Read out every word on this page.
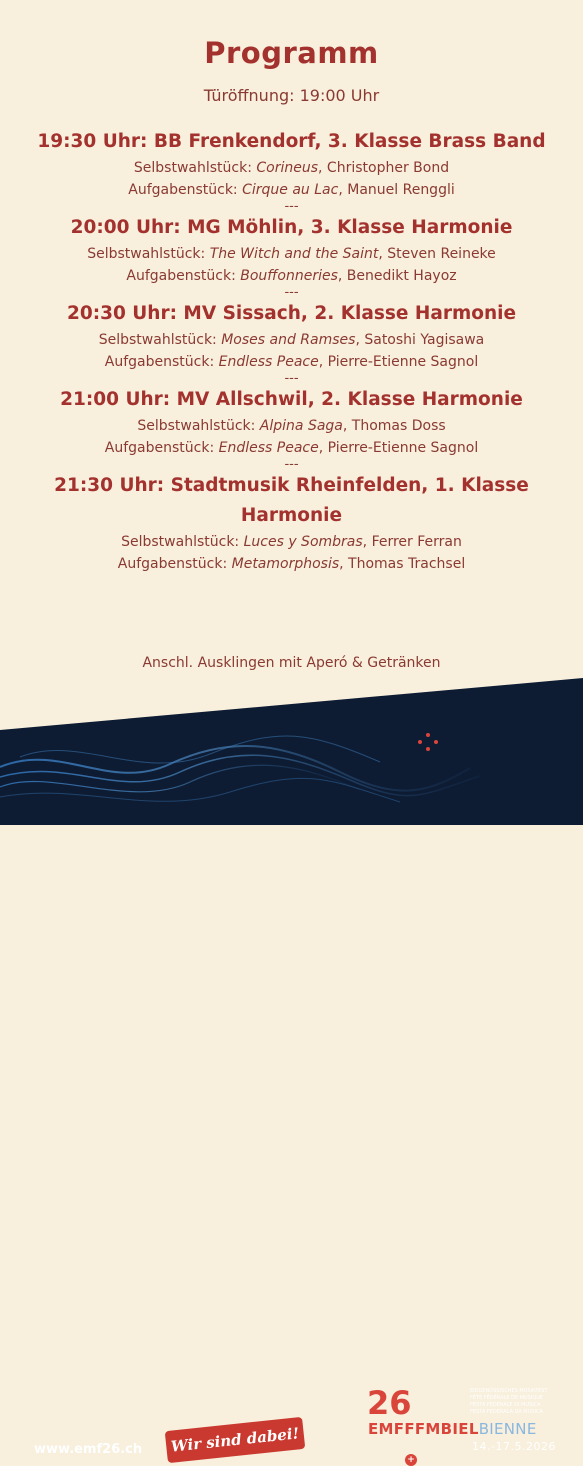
Programm
Türöffnung: 19:00 Uhr
19:30 Uhr: BB Frenkendorf, 3. Klasse Brass Band
Selbstwahlstück: Corineus, Christopher Bond
Aufgabenstück: Cirque au Lac, Manuel Renggli
---
20:00 Uhr: MG Möhlin, 3. Klasse Harmonie
Selbstwahlstück: The Witch and the Saint, Steven Reineke
Aufgabenstück: Bouffonneries, Benedikt Hayoz
---
20:30 Uhr: MV Sissach, 2. Klasse Harmonie
Selbstwahlstück: Moses and Ramses, Satoshi Yagisawa
Aufgabenstück: Endless Peace, Pierre-Etienne Sagnol
---
21:00 Uhr: MV Allschwil, 2. Klasse Harmonie
Selbstwahlstück: Alpina Saga, Thomas Doss
Aufgabenstück: Endless Peace, Pierre-Etienne Sagnol
---
21:30 Uhr: Stadtmusik Rheinfelden, 1. Klasse
Harmonie
Selbstwahlstück: Luces y Sombras, Ferrer Ferran
Aufgabenstück: Metamorphosis, Thomas Trachsel
Anschl. Ausklingen mit Aperó & Getränken
www.emf26.ch	Wir sind dabei!
26
EMFFFMBIELBIENNE
EIDGENÖSSISCHES MUSIKFEST
FÊTE FÉDÉRALE DE MUSIQUE
FESTA FEDERALE DI MUSICA
FESTA FEDERALA DA MUSICA
14.-17.5.2026
+
